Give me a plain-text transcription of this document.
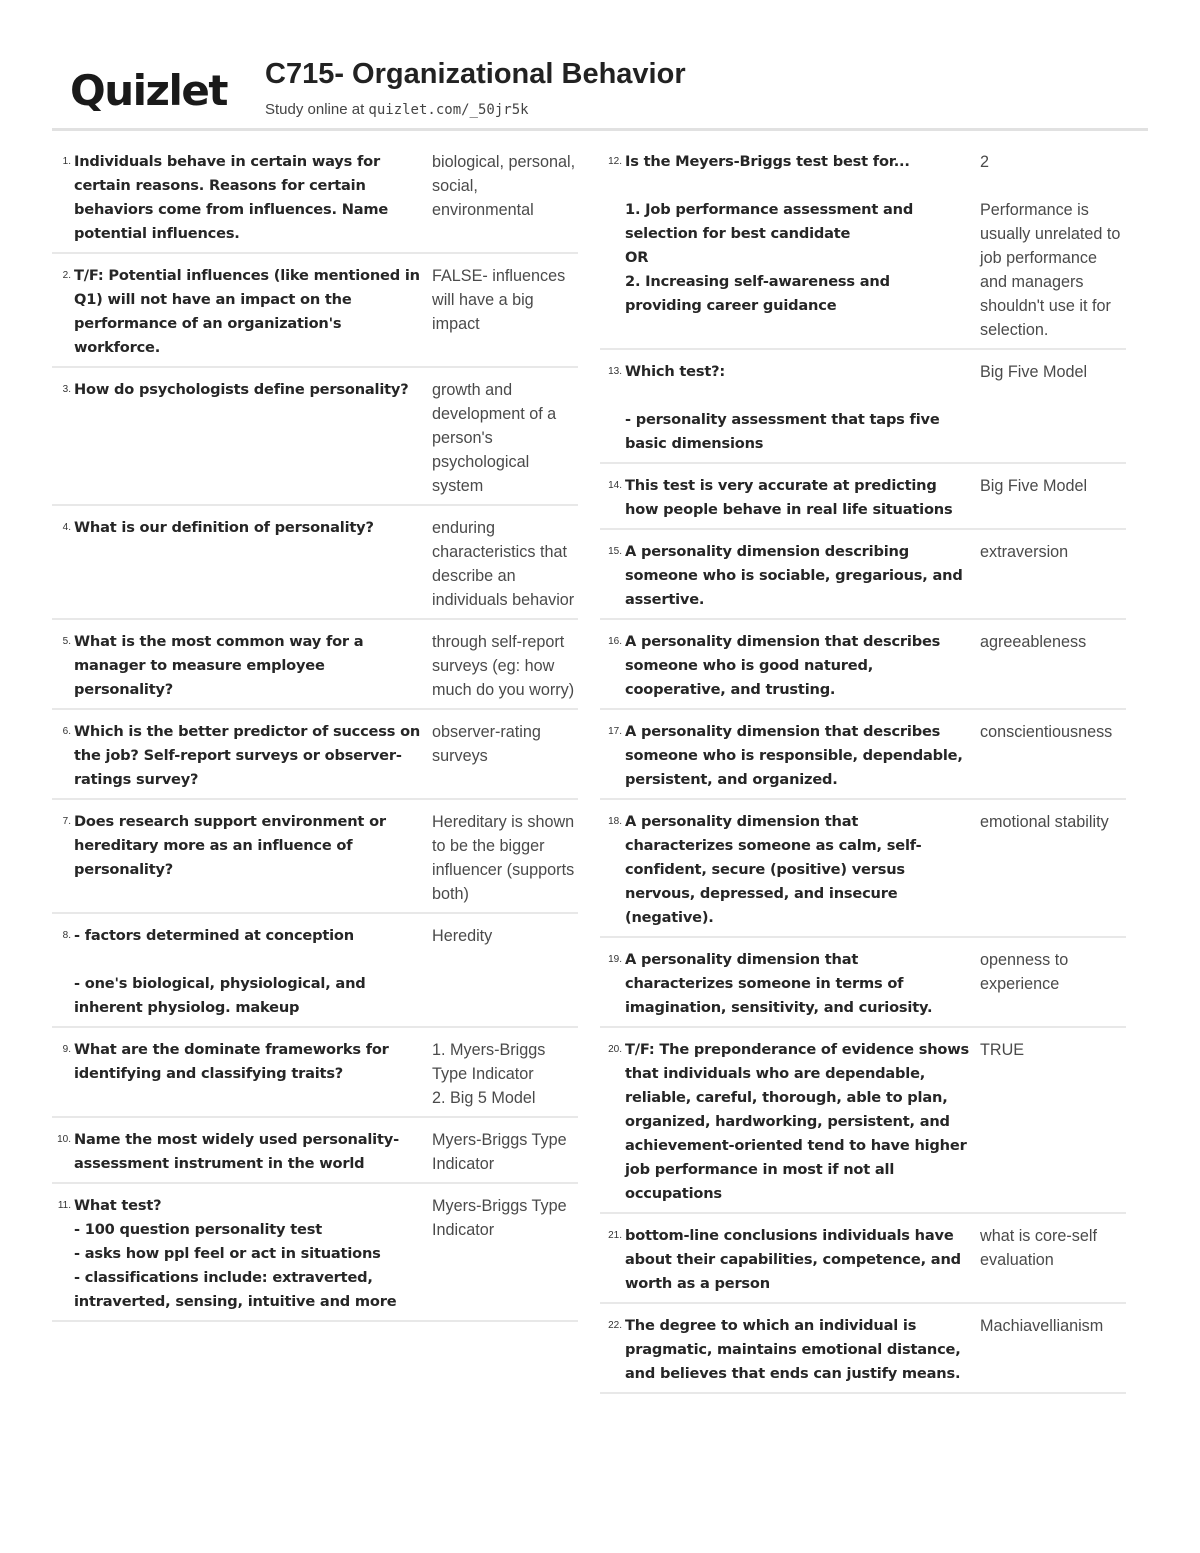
Quizlet C715- Organizational Behavior
Study online at quizlet.com/_50jr5k
1. Individuals behave in certain ways for certain reasons. Reasons for certain behaviors come from influences. Name potential influences.
biological, personal, social, environmental
2. T/F: Potential influences (like mentioned in Q1) will not have an impact on the performance of an organization's workforce.
FALSE- influences will have a big impact
3. How do psychologists define personality?	growth and development of a person's psychological system
4. What is our definition of personality?	enduring characteristics that describe an individuals behavior
5. What is the most common way for a manager to measure employee personality?
through self-report surveys (eg: how much do you worry)
6. Which is the better predictor of success on the job? Self-report surveys or observer-ratings survey?
observer-rating surveys
7. Does research support environment or hereditary more as an influence of personality?
Hereditary is shown to be the bigger influencer (supports both)
8. - factors determined at conception

- one's biological, physiological, and inherent physiolog. makeup
Heredity
9. What are the dominate frameworks for identifying and classifying traits?
1. Myers-Briggs Type Indicator
2. Big 5 Model
10. Name the most widely used personality-assessment instrument in the world
Myers-Briggs Type Indicator
11. What test?
- 100 question personality test
- asks how ppl feel or act in situations
- classifications include: extraverted, intraverted, sensing, intuitive and more
Myers-Briggs Type Indicator
12. Is the Meyers-Briggs test best for...

1. Job performance assessment and selection for best candidate
OR
2. Increasing self-awareness and providing career guidance
2

Performance is usually unrelated to job performance and managers shouldn't use it for selection.
13. Which test?:

- personality assessment that taps five basic dimensions
Big Five Model
14. This test is very accurate at predicting how people behave in real life situations
Big Five Model
15. A personality dimension describing someone who is sociable, gregarious, and assertive.
extraversion
16. A personality dimension that describes someone who is good natured, cooperative, and trusting.
agreeableness
17. A personality dimension that describes someone who is responsible, dependable, persistent, and organized.
conscientiousness
18. A personality dimension that characterizes someone as calm, self-confident, secure (positive) versus nervous, depressed, and insecure (negative).
emotional stability
19. A personality dimension that characterizes someone in terms of imagination, sensitivity, and curiosity.
openness to experience
20. T/F: The preponderance of evidence shows that individuals who are dependable, reliable, careful, thorough, able to plan, organized, hardworking, persistent, and achievement-oriented tend to have higher job performance in most if not all occupations
TRUE
21. bottom-line conclusions individuals have about their capabilities, competence, and worth as a person
what is core-self evaluation
22. The degree to which an individual is pragmatic, maintains emotional distance, and believes that ends can justify means.
Machiavellianism
